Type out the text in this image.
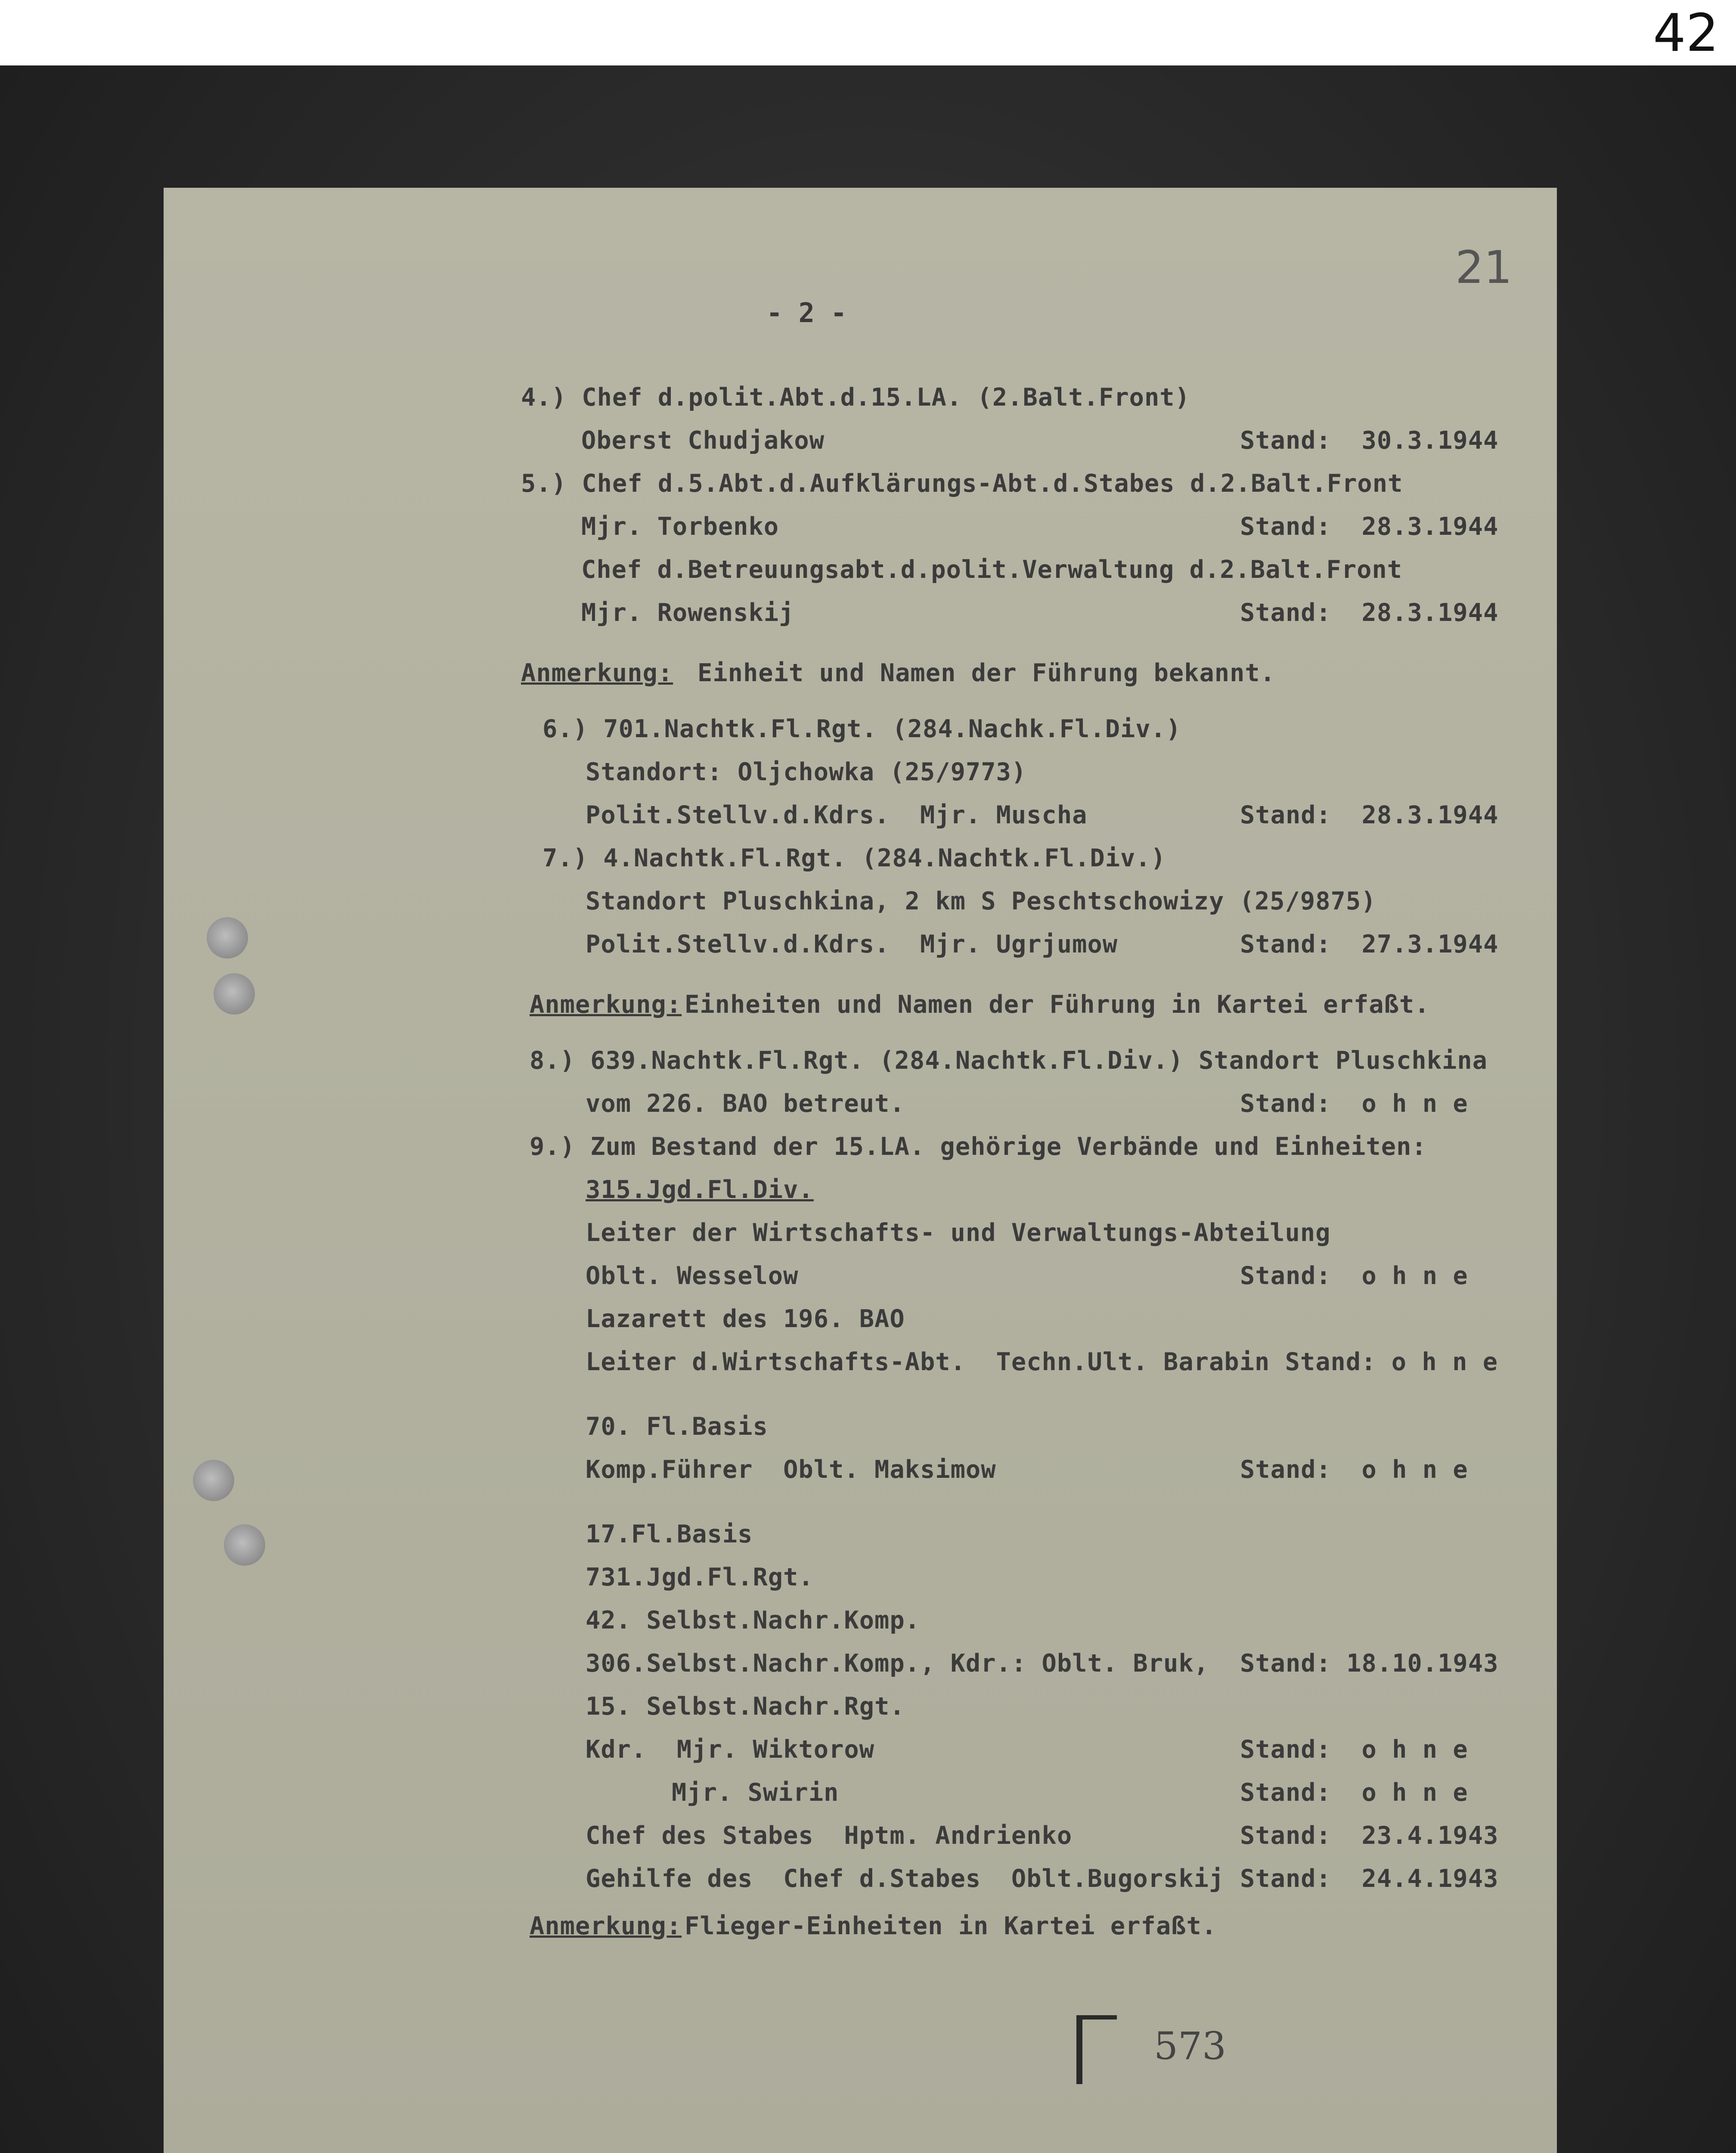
42
21
- 2 -
4.) Chef d.polit.Abt.d.15.LA. (2.Balt.Front)
Oberst Chudjakow	Stand:  30.3.1944
5.) Chef d.5.Abt.d.Aufklärungs-Abt.d.Stabes d.2.Balt.Front
Mjr. Torbenko	Stand:  28.3.1944
Chef d.Betreuungsabt.d.polit.Verwaltung d.2.Balt.Front
Mjr. Rowenskij	Stand:  28.3.1944
Anmerkung: Einheit und Namen der Führung bekannt.
6.) 701.Nachtk.Fl.Rgt. (284.Nachk.Fl.Div.)
Standort: Oljchowka (25/9773)
Polit.Stellv.d.Kdrs.  Mjr. Muscha	Stand:  28.3.1944
7.) 4.Nachtk.Fl.Rgt. (284.Nachtk.Fl.Div.)
Standort Pluschkina, 2 km S Peschtschowizy (25/9875)
Polit.Stellv.d.Kdrs.  Mjr. Ugrjumow	Stand:  27.3.1944
Anmerkung: Einheiten und Namen der Führung in Kartei erfaßt.
8.) 639.Nachtk.Fl.Rgt. (284.Nachtk.Fl.Div.) Standort Pluschkina
vom 226. BAO betreut.	Stand:  o h n e
9.) Zum Bestand der 15.LA. gehörige Verbände und Einheiten:
315.Jgd.Fl.Div.
Leiter der Wirtschafts- und Verwaltungs-Abteilung
Oblt. Wesselow	Stand:  o h n e
Lazarett des 196. BAO
Leiter d.Wirtschafts-Abt.  Techn.Ult. Barabin Stand: o h n e
70. Fl.Basis
Komp.Führer  Oblt. Maksimow	Stand:  o h n e
17.Fl.Basis
731.Jgd.Fl.Rgt.
42. Selbst.Nachr.Komp.
306.Selbst.Nachr.Komp., Kdr.: Oblt. Bruk, Stand: 18.10.1943
15. Selbst.Nachr.Rgt.
Kdr.  Mjr. Wiktorow	Stand:  o h n e
Mjr. Swirin	Stand:  o h n e
Chef des Stabes  Hptm. Andrienko	Stand:  23.4.1943
Gehilfe des  Chef d.Stabes  Oblt.Bugorskij Stand:  24.4.1943
Anmerkung: Flieger-Einheiten in Kartei erfaßt.
573
